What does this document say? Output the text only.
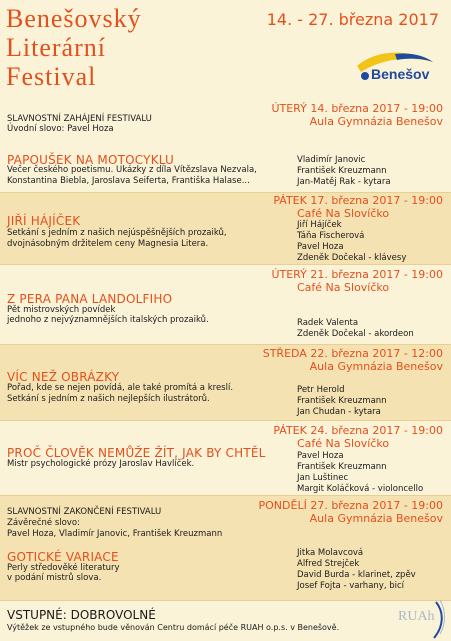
Benešovský
Literární
Festival
14. - 27. března 2017
Benešov
ÚTERÝ 14. března 2017 - 19:00
Aula Gymnázia Benešov
SLAVNOSTNÍ ZAHÁJENÍ FESTIVALU
Úvodní slovo: Pavel Hoza
PAPOUŠEK NA MOTOCYKLU
Večer českého poetismu. Ukázky z díla Vítězslava Nezvala,
Konstantina Biebla, Jaroslava Seiferta, Františka Halase...
Vladimír Janovic
František Kreuzmann
Jan-Matěj Rak - kytara
PÁTEK 17. března 2017 - 19:00
Café Na Slovíčko
JIŘÍ HÁJÍČEK
Setkání s jedním z našich nejúspěšnějších prozaiků,
dvojnásobným držitelem ceny Magnesia Litera.
Jiří Hájíček
Táňa Fischerová
Pavel Hoza
Zdeněk Dočekal - klávesy
ÚTERÝ 21. března 2017 - 19:00
Café Na Slovíčko
Z PERA PANA LANDOLFIHO
Pět mistrovských povídek
jednoho z nejvýznamnějších italských prozaiků.	Radek Valenta
Zdeněk Dočekal - akordeon
STŘEDA 22. března 2017 - 12:00
Aula Gymnázia Benešov
VÍC NEŽ OBRÁZKY
Pořad, kde se nejen povídá, ale také promítá a kreslí.
Setkání s jedním z našich nejlepších ilustrátorů.
Petr Herold
František Kreuzmann
Jan Chudan - kytara
PÁTEK 24. března 2017 - 19:00
Café Na Slovíčko
PROČ ČLOVĚK NEMŮŽE ŽÍT, JAK BY CHTĚL
Mistr psychologické prózy Jaroslav Havlíček.
Pavel Hoza
František Kreuzmann
Jan Luštinec
Margit Koláčková - violoncello
PONDĚLÍ 27. března 2017 - 19:00
Aula Gymnázia Benešov
SLAVNOSTNÍ ZAKONČENÍ FESTIVALU
Závěrečné slovo:
Pavel Hoza, Vladimír Janovic, František Kreuzmann
GOTICKÉ VARIACE
Perly středověké literatury
v podání mistrů slova.
Jitka Molavcová
Alfred Strejček
David Burda - klarinet, zpěv
Josef Fojta - varhany, bicí
VSTUPNÉ: DOBROVOLNÉ
Výtěžek ze vstupného bude věnován Centru domácí péče RUAH o.p.s. v Benešově.
RUAh
